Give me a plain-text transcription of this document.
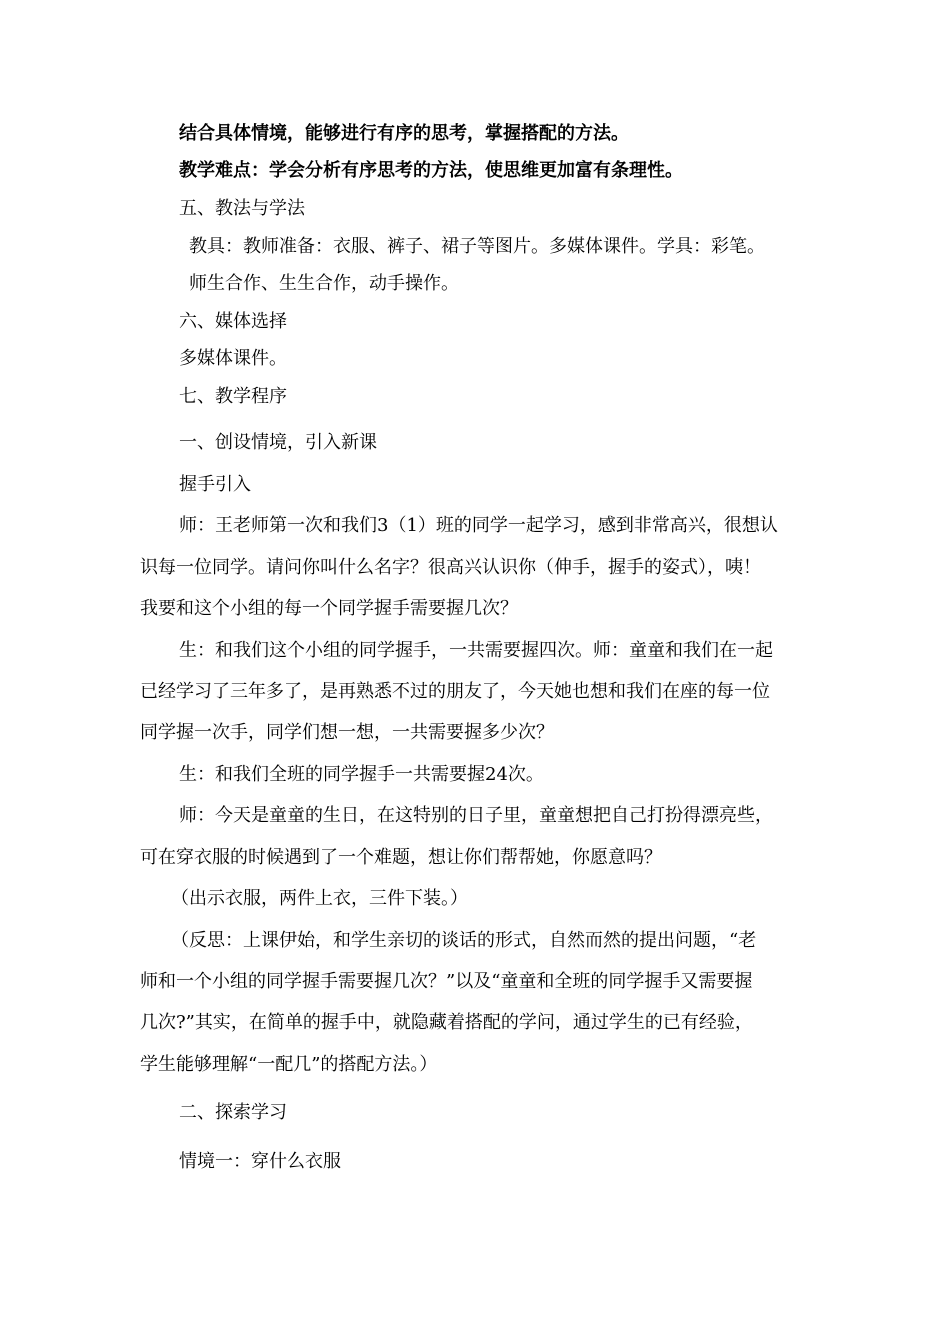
结合具体情境，能够进行有序的思考，掌握搭配的方法。

教学难点：学会分析有序思考的方法，使思维更加富有条理性。

五、教法与学法

教具：教师准备：衣服、裤子、裙子等图片。多媒体课件。学具：彩笔。

师生合作、生生合作，动手操作。

六、媒体选择

多媒体课件。

七、教学程序

一、创设情境，引入新课

握手引入

师：王老师第一次和我们3（1）班的同学一起学习，感到非常高兴，很想认

识每一位同学。请问你叫什么名字？很高兴认识你（伸手，握手的姿式），咦！

我要和这个小组的每一个同学握手需要握几次？

生：和我们这个小组的同学握手，一共需要握四次。师：童童和我们在一起

已经学习了三年多了，是再熟悉不过的朋友了，今天她也想和我们在座的每一位

同学握一次手，同学们想一想，一共需要握多少次？

生：和我们全班的同学握手一共需要握24次。

师：今天是童童的生日，在这特别的日子里，童童想把自己打扮得漂亮些，

可在穿衣服的时候遇到了一个难题，想让你们帮帮她，你愿意吗？

（出示衣服，两件上衣，三件下装。）

（反思：上课伊始，和学生亲切的谈话的形式，自然而然的提出问题，“老

师和一个小组的同学握手需要握几次？”以及“童童和全班的同学握手又需要握

几次?”其实，在简单的握手中，就隐藏着搭配的学问，通过学生的已有经验，

学生能够理解“一配几”的搭配方法。）

二、探索学习

情境一：穿什么衣服
